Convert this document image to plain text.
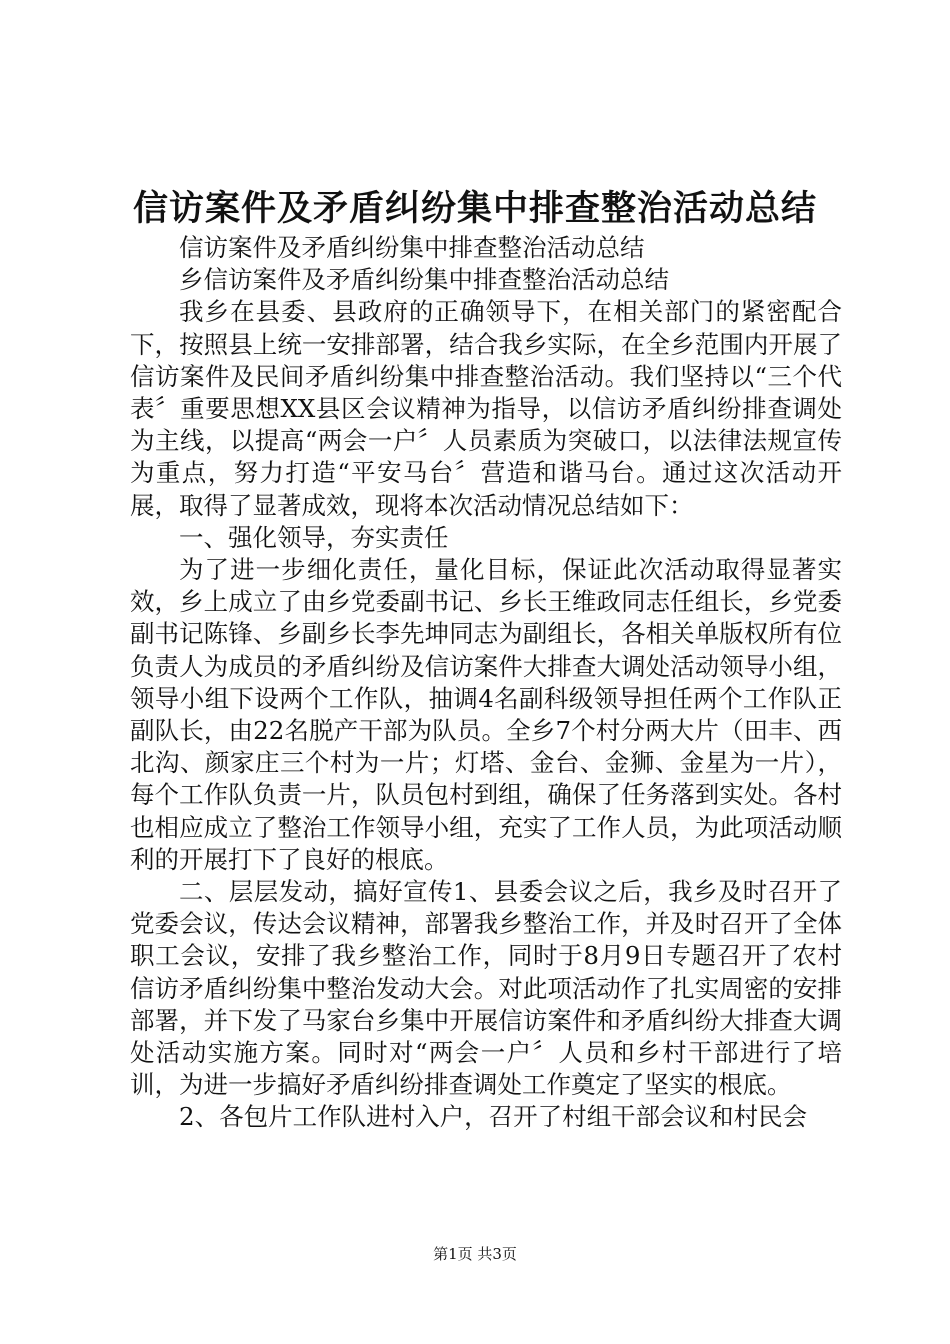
信访案件及矛盾纠纷集中排查整治活动总结

信访案件及矛盾纠纷集中排查整治活动总结

乡信访案件及矛盾纠纷集中排查整治活动总结

我乡在县委、县政府的正确领导下，在相关部门的紧密配合下，按照县上统一安排部署，结合我乡实际，在全乡范围内开展了信访案件及民间矛盾纠纷集中排查整治活动。我们坚持以“三个代表〞重要思想XX县区会议精神为指导，以信访矛盾纠纷排查调处为主线，以提高“两会一户〞人员素质为突破口，以法律法规宣传为重点，努力打造“平安马台〞营造和谐马台。通过这次活动开展，取得了显著成效，现将本次活动情况总结如下：

一、强化领导，夯实责任

为了进一步细化责任，量化目标，保证此次活动取得显著实效，乡上成立了由乡党委副书记、乡长王维政同志任组长，乡党委副书记陈锋、乡副乡长李先坤同志为副组长，各相关单版权所有位负责人为成员的矛盾纠纷及信访案件大排查大调处活动领导小组，领导小组下设两个工作队，抽调4名副科级领导担任两个工作队正副队长，由22名脱产干部为队员。全乡7个村分两大片（田丰、西北沟、颜家庄三个村为一片；灯塔、金台、金狮、金星为一片），每个工作队负责一片，队员包村到组，确保了任务落到实处。各村也相应成立了整治工作领导小组，充实了工作人员，为此项活动顺利的开展打下了良好的根底。

二、层层发动，搞好宣传1、县委会议之后，我乡及时召开了党委会议，传达会议精神，部署我乡整治工作，并及时召开了全体职工会议，安排了我乡整治工作，同时于8月9日专题召开了农村信访矛盾纠纷集中整治发动大会。对此项活动作了扎实周密的安排部署，并下发了马家台乡集中开展信访案件和矛盾纠纷大排查大调处活动实施方案。同时对“两会一户〞人员和乡村干部进行了培训，为进一步搞好矛盾纠纷排查调处工作奠定了坚实的根底。

2、各包片工作队进村入户，召开了村组干部会议和村民会

第1页 共3页
